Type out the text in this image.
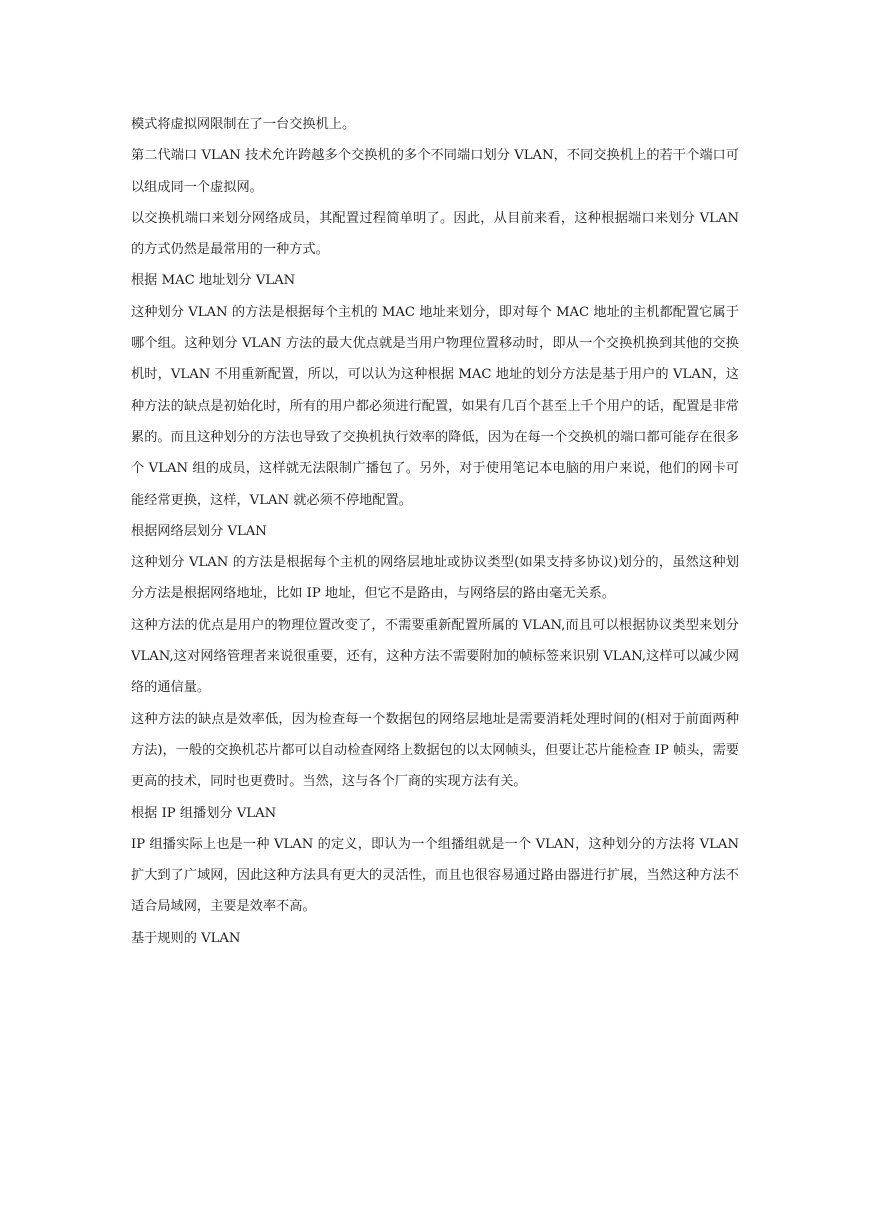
模式将虚拟网限制在了一台交换机上。

第二代端口 VLAN 技术允许跨越多个交换机的多个不同端口划分 VLAN，不同交换机上的若干个端口可以组成同一个虚拟网。

以交换机端口来划分网络成员，其配置过程简单明了。因此，从目前来看，这种根据端口来划分 VLAN 的方式仍然是最常用的一种方式。

根据 MAC 地址划分 VLAN

这种划分 VLAN 的方法是根据每个主机的 MAC 地址来划分，即对每个 MAC 地址的主机都配置它属于哪个组。这种划分 VLAN 方法的最大优点就是当用户物理位置移动时，即从一个交换机换到其他的交换机时，VLAN 不用重新配置，所以，可以认为这种根据 MAC 地址的划分方法是基于用户的 VLAN，这种方法的缺点是初始化时，所有的用户都必须进行配置，如果有几百个甚至上千个用户的话，配置是非常累的。而且这种划分的方法也导致了交换机执行效率的降低，因为在每一个交换机的端口都可能存在很多个 VLAN 组的成员，这样就无法限制广播包了。另外，对于使用笔记本电脑的用户来说，他们的网卡可能经常更换，这样，VLAN 就必须不停地配置。

根据网络层划分 VLAN

这种划分 VLAN 的方法是根据每个主机的网络层地址或协议类型(如果支持多协议)划分的，虽然这种划分方法是根据网络地址，比如 IP 地址，但它不是路由，与网络层的路由毫无关系。

这种方法的优点是用户的物理位置改变了，不需要重新配置所属的 VLAN,而且可以根据协议类型来划分 VLAN,这对网络管理者来说很重要，还有，这种方法不需要附加的帧标签来识别 VLAN,这样可以减少网络的通信量。

这种方法的缺点是效率低，因为检查每一个数据包的网络层地址是需要消耗处理时间的(相对于前面两种方法)，一般的交换机芯片都可以自动检查网络上数据包的以太网帧头，但要让芯片能检查 IP 帧头，需要更高的技术，同时也更费时。当然，这与各个厂商的实现方法有关。

根据 IP 组播划分 VLAN

IP 组播实际上也是一种 VLAN 的定义，即认为一个组播组就是一个 VLAN，这种划分的方法将 VLAN 扩大到了广域网，因此这种方法具有更大的灵活性，而且也很容易通过路由器进行扩展，当然这种方法不适合局域网，主要是效率不高。

基于规则的 VLAN
